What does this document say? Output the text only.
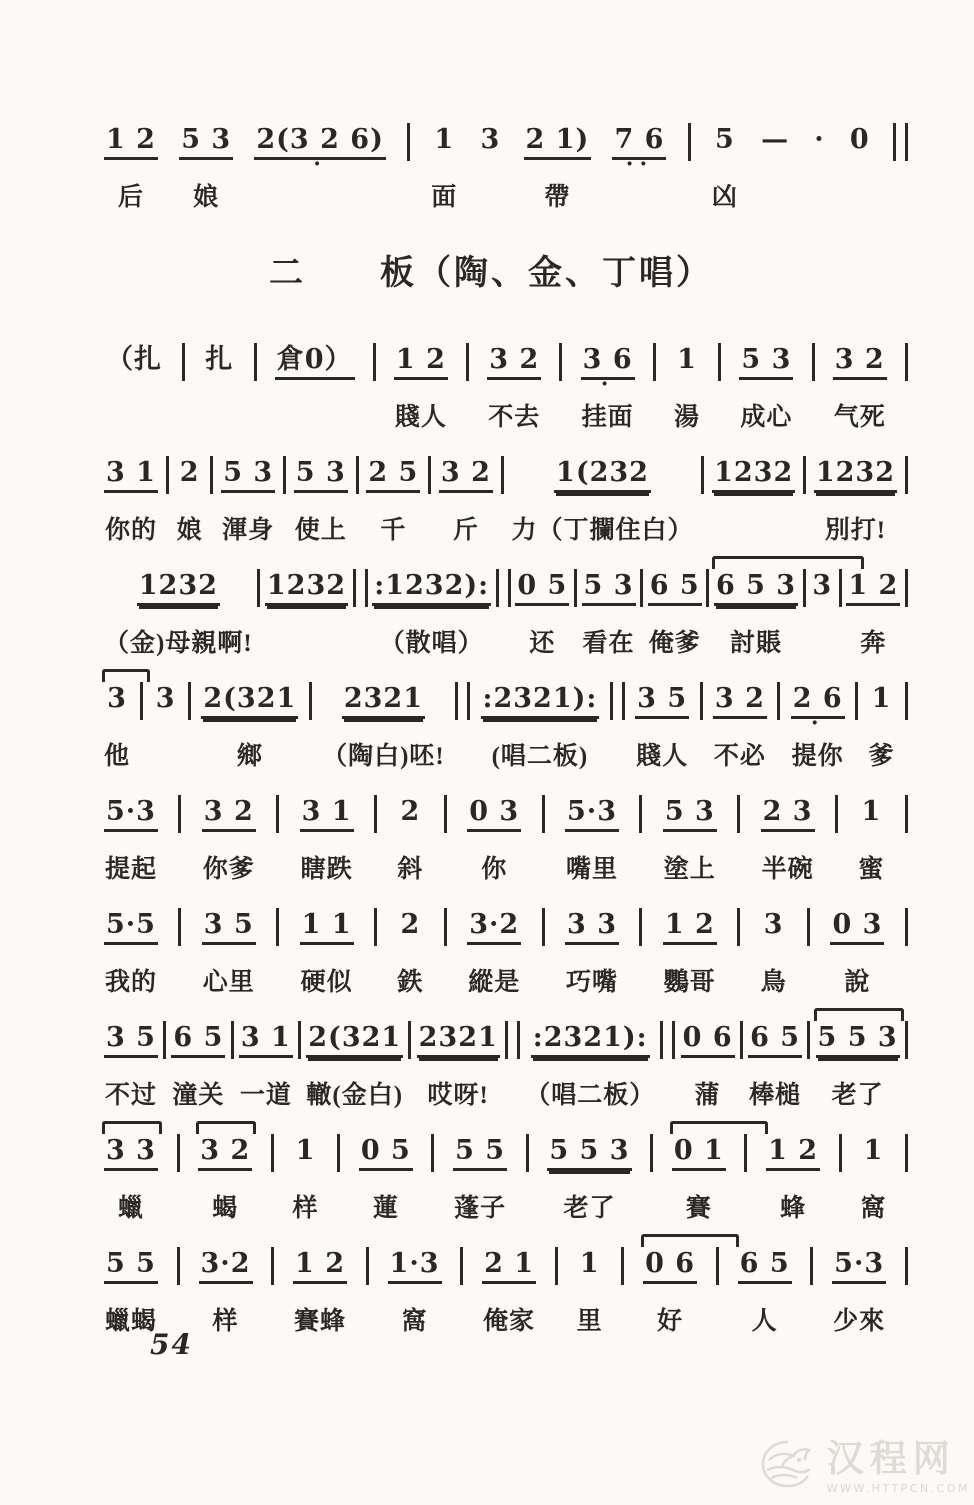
1 2

后
5 3

娘
2(3 2 6)
·
1

面
3
2 1)

帶
7 6
··
5

凶
—
·
0

二　　板（陶、金、丁唱）
（扎
扎
倉0）
1 2

賤人
3 2

不去
3 6
·
挂面
1

湯
5 3

成心
3 2

气死
3 1

你的
2

娘
5 3

渾身
5 3

使上
2 5

千
3 2

斤
1(232

力（丁攔住白）
1232
1232

別打!
1232

（金)母親啊!
1232
:1232):

（散唱）
0 5

还
5 3

看在
6 5

俺爹
6 5 3

討賬
3
1 2

奔
3

他
3
2(321

鄉
2321

（陶白)呸!
:2321):

(唱二板)
3 5

賤人
3 2

不必
2 6
·
提你
1

爹
5·3

提起
3 2

你爹
3 1

瞎跌
2

斜
0 3

你
5·3

嘴里
5 3

塗上
2 3

半碗
1

蜜
5·5

我的
3 5

心里
1 1

硬似
2

鉄
3·2

縱是
3 3

巧嘴
1 2

鸚哥
3

鳥
0 3

說
3 5

不过
6 5

潼关
3 1

一道
2(321

轍(金白)
2321

哎呀!
:2321):

（唱二板）
0 6

蒲
6 5

棒槌
5 5 3

老了
3 3

蠟
3 2

蝎
1

样
0 5

蓮
5 5

蓬子
5 5 3

老了
0 1

賽
1 2

蜂
1

窩
5 5

蠟蝎
3·2

样
1 2

賽蜂
1·3

窩
2 1

俺家
1

里
0 6

好
6 5

人
5·3

少來
54
汉程网
WWW.HTTPCN.COM
